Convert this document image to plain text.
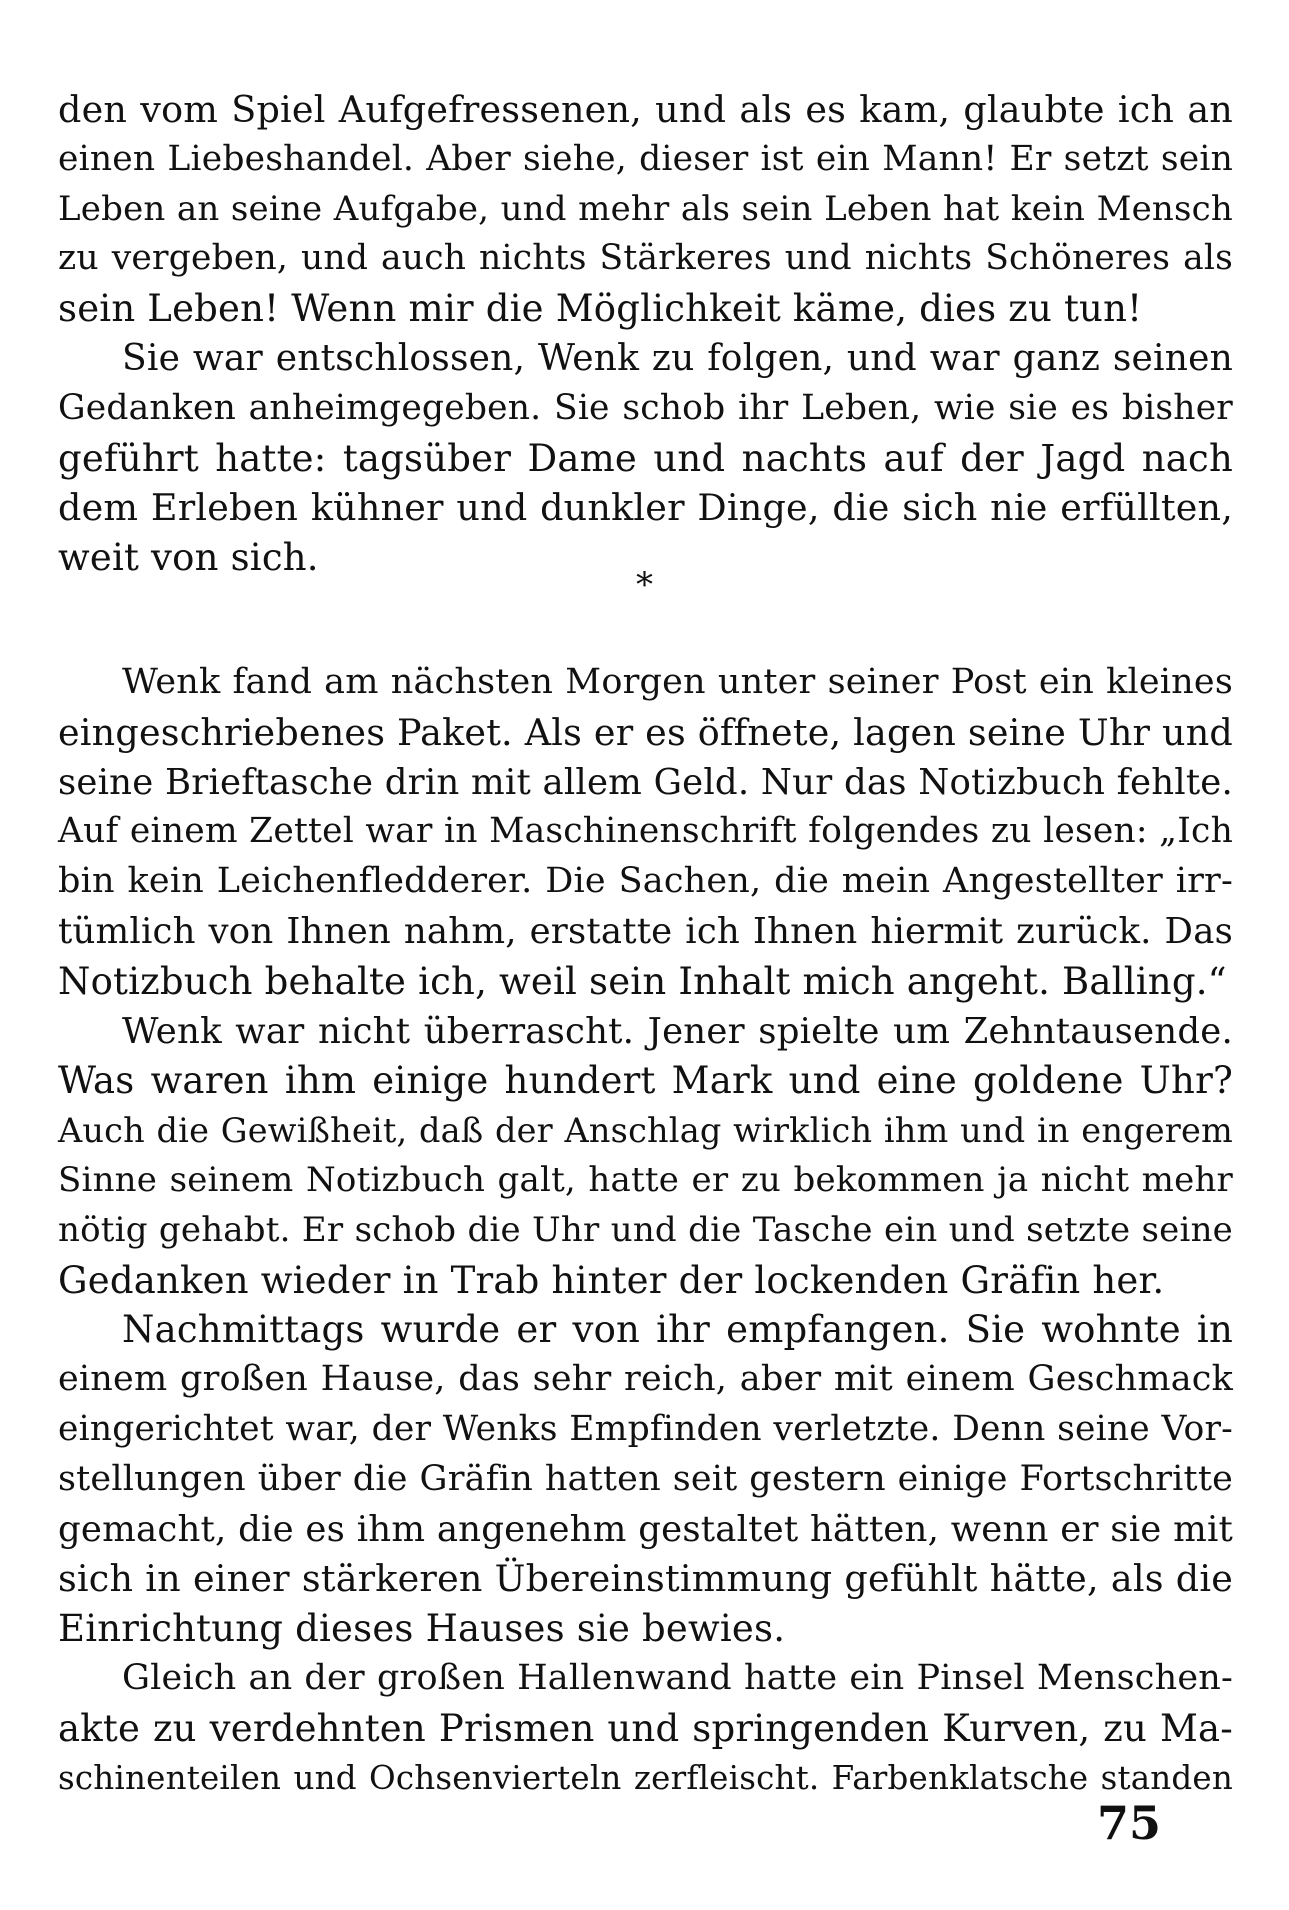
den vom Spiel Aufgefressenen, und als es kam, glaubte ich an
einen Liebeshandel. Aber siehe, dieser ist ein Mann! Er setzt sein
Leben an seine Aufgabe, und mehr als sein Leben hat kein Mensch
zu vergeben, und auch nichts Stärkeres und nichts Schöneres als
sein Leben! Wenn mir die Möglichkeit käme, dies zu tun!
Sie war entschlossen, Wenk zu folgen, und war ganz seinen
Gedanken anheimgegeben. Sie schob ihr Leben, wie sie es bisher
geführt hatte: tagsüber Dame und nachts auf der Jagd nach
dem Erleben kühner und dunkler Dinge, die sich nie erfüllten,
weit von sich.
*
Wenk fand am nächsten Morgen unter seiner Post ein kleines
eingeschriebenes Paket. Als er es öffnete, lagen seine Uhr und
seine Brieftasche drin mit allem Geld. Nur das Notizbuch fehlte.
Auf einem Zettel war in Maschinenschrift folgendes zu lesen: „Ich
bin kein Leichenfledderer. Die Sachen, die mein Angestellter irr-
tümlich von Ihnen nahm, erstatte ich Ihnen hiermit zurück. Das
Notizbuch behalte ich, weil sein Inhalt mich angeht. Balling.“
Wenk war nicht überrascht. Jener spielte um Zehntausende.
Was waren ihm einige hundert Mark und eine goldene Uhr?
Auch die Gewißheit, daß der Anschlag wirklich ihm und in engerem
Sinne seinem Notizbuch galt, hatte er zu bekommen ja nicht mehr
nötig gehabt. Er schob die Uhr und die Tasche ein und setzte seine
Gedanken wieder in Trab hinter der lockenden Gräfin her.
Nachmittags wurde er von ihr empfangen. Sie wohnte in
einem großen Hause, das sehr reich, aber mit einem Geschmack
eingerichtet war, der Wenks Empfinden verletzte. Denn seine Vor-
stellungen über die Gräfin hatten seit gestern einige Fortschritte
gemacht, die es ihm angenehm gestaltet hätten, wenn er sie mit
sich in einer stärkeren Übereinstimmung gefühlt hätte, als die
Einrichtung dieses Hauses sie bewies.
Gleich an der großen Hallenwand hatte ein Pinsel Menschen-
akte zu verdehnten Prismen und springenden Kurven, zu Ma-
schinenteilen und Ochsenvierteln zerfleischt. Farbenklatsche standen
75
